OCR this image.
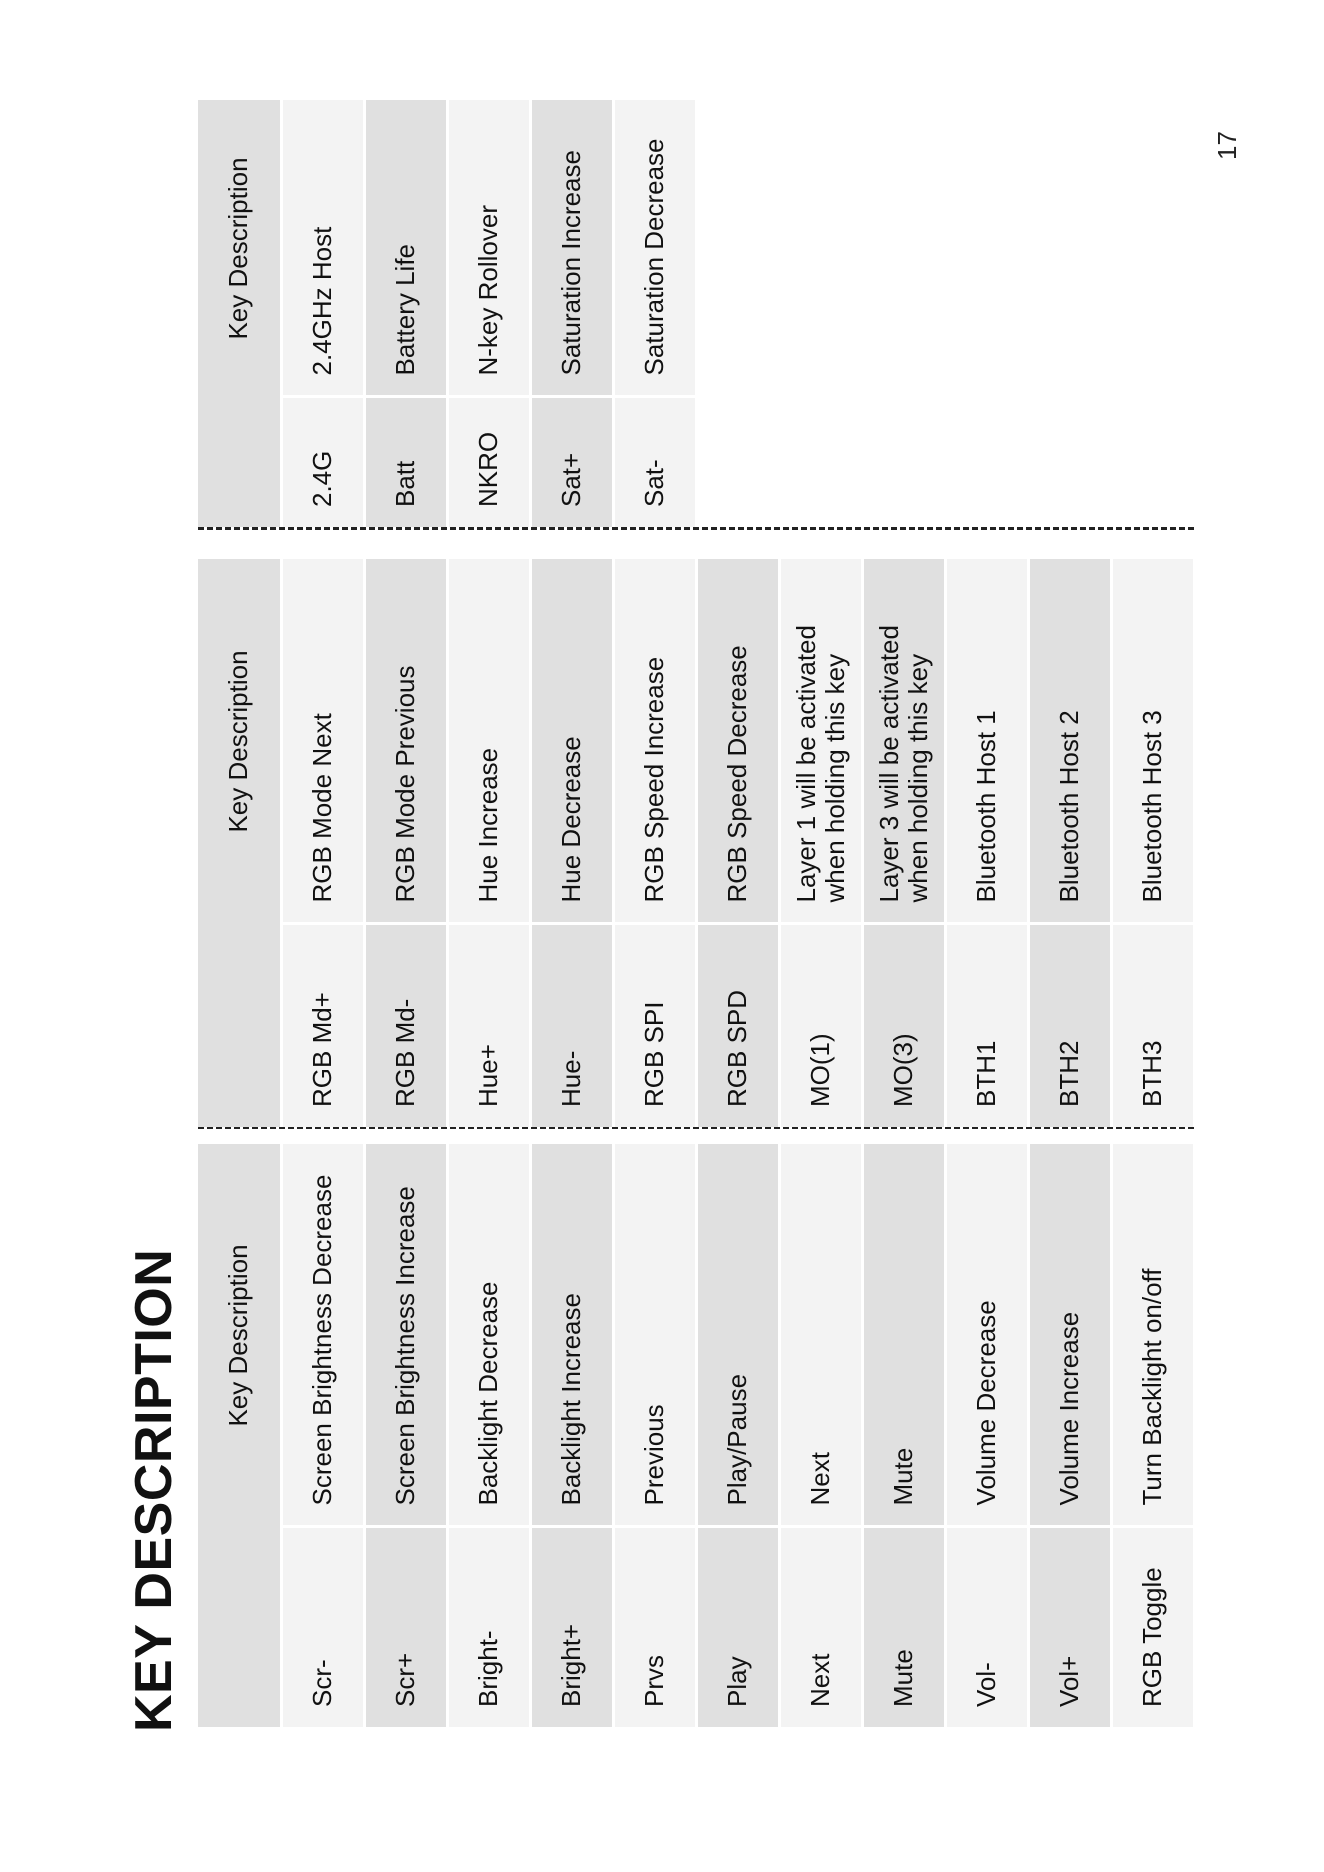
KEY DESCRIPTION
	Key Description
Scr-	Screen Brightness Decrease
Scr+	Screen Brightness Increase
Bright-	Backlight Decrease
Bright+	Backlight Increase
Prvs	Previous
Play	Play/Pause
Next	Next
Mute	Mute
Vol-	Volume Decrease
Vol+	Volume Increase
RGB Toggle	Turn Backlight on/off
	Key Description
RGB Md+	RGB Mode Next
RGB Md-	RGB Mode Previous
Hue+	Hue Increase
Hue-	Hue Decrease
RGB SPI	RGB Speed Increase
RGB SPD	RGB Speed Decrease
MO(1)	Layer 1 will be activated when holding this key
MO(3)	Layer 3 will be activated when holding this key
BTH1	Bluetooth Host 1
BTH2	Bluetooth Host 2
BTH3	Bluetooth Host 3
	Key Description
2.4G	2.4GHz Host
Batt	Battery Life
NKRO	N-key Rollover
Sat+	Saturation Increase
Sat-	Saturation Decrease	17
